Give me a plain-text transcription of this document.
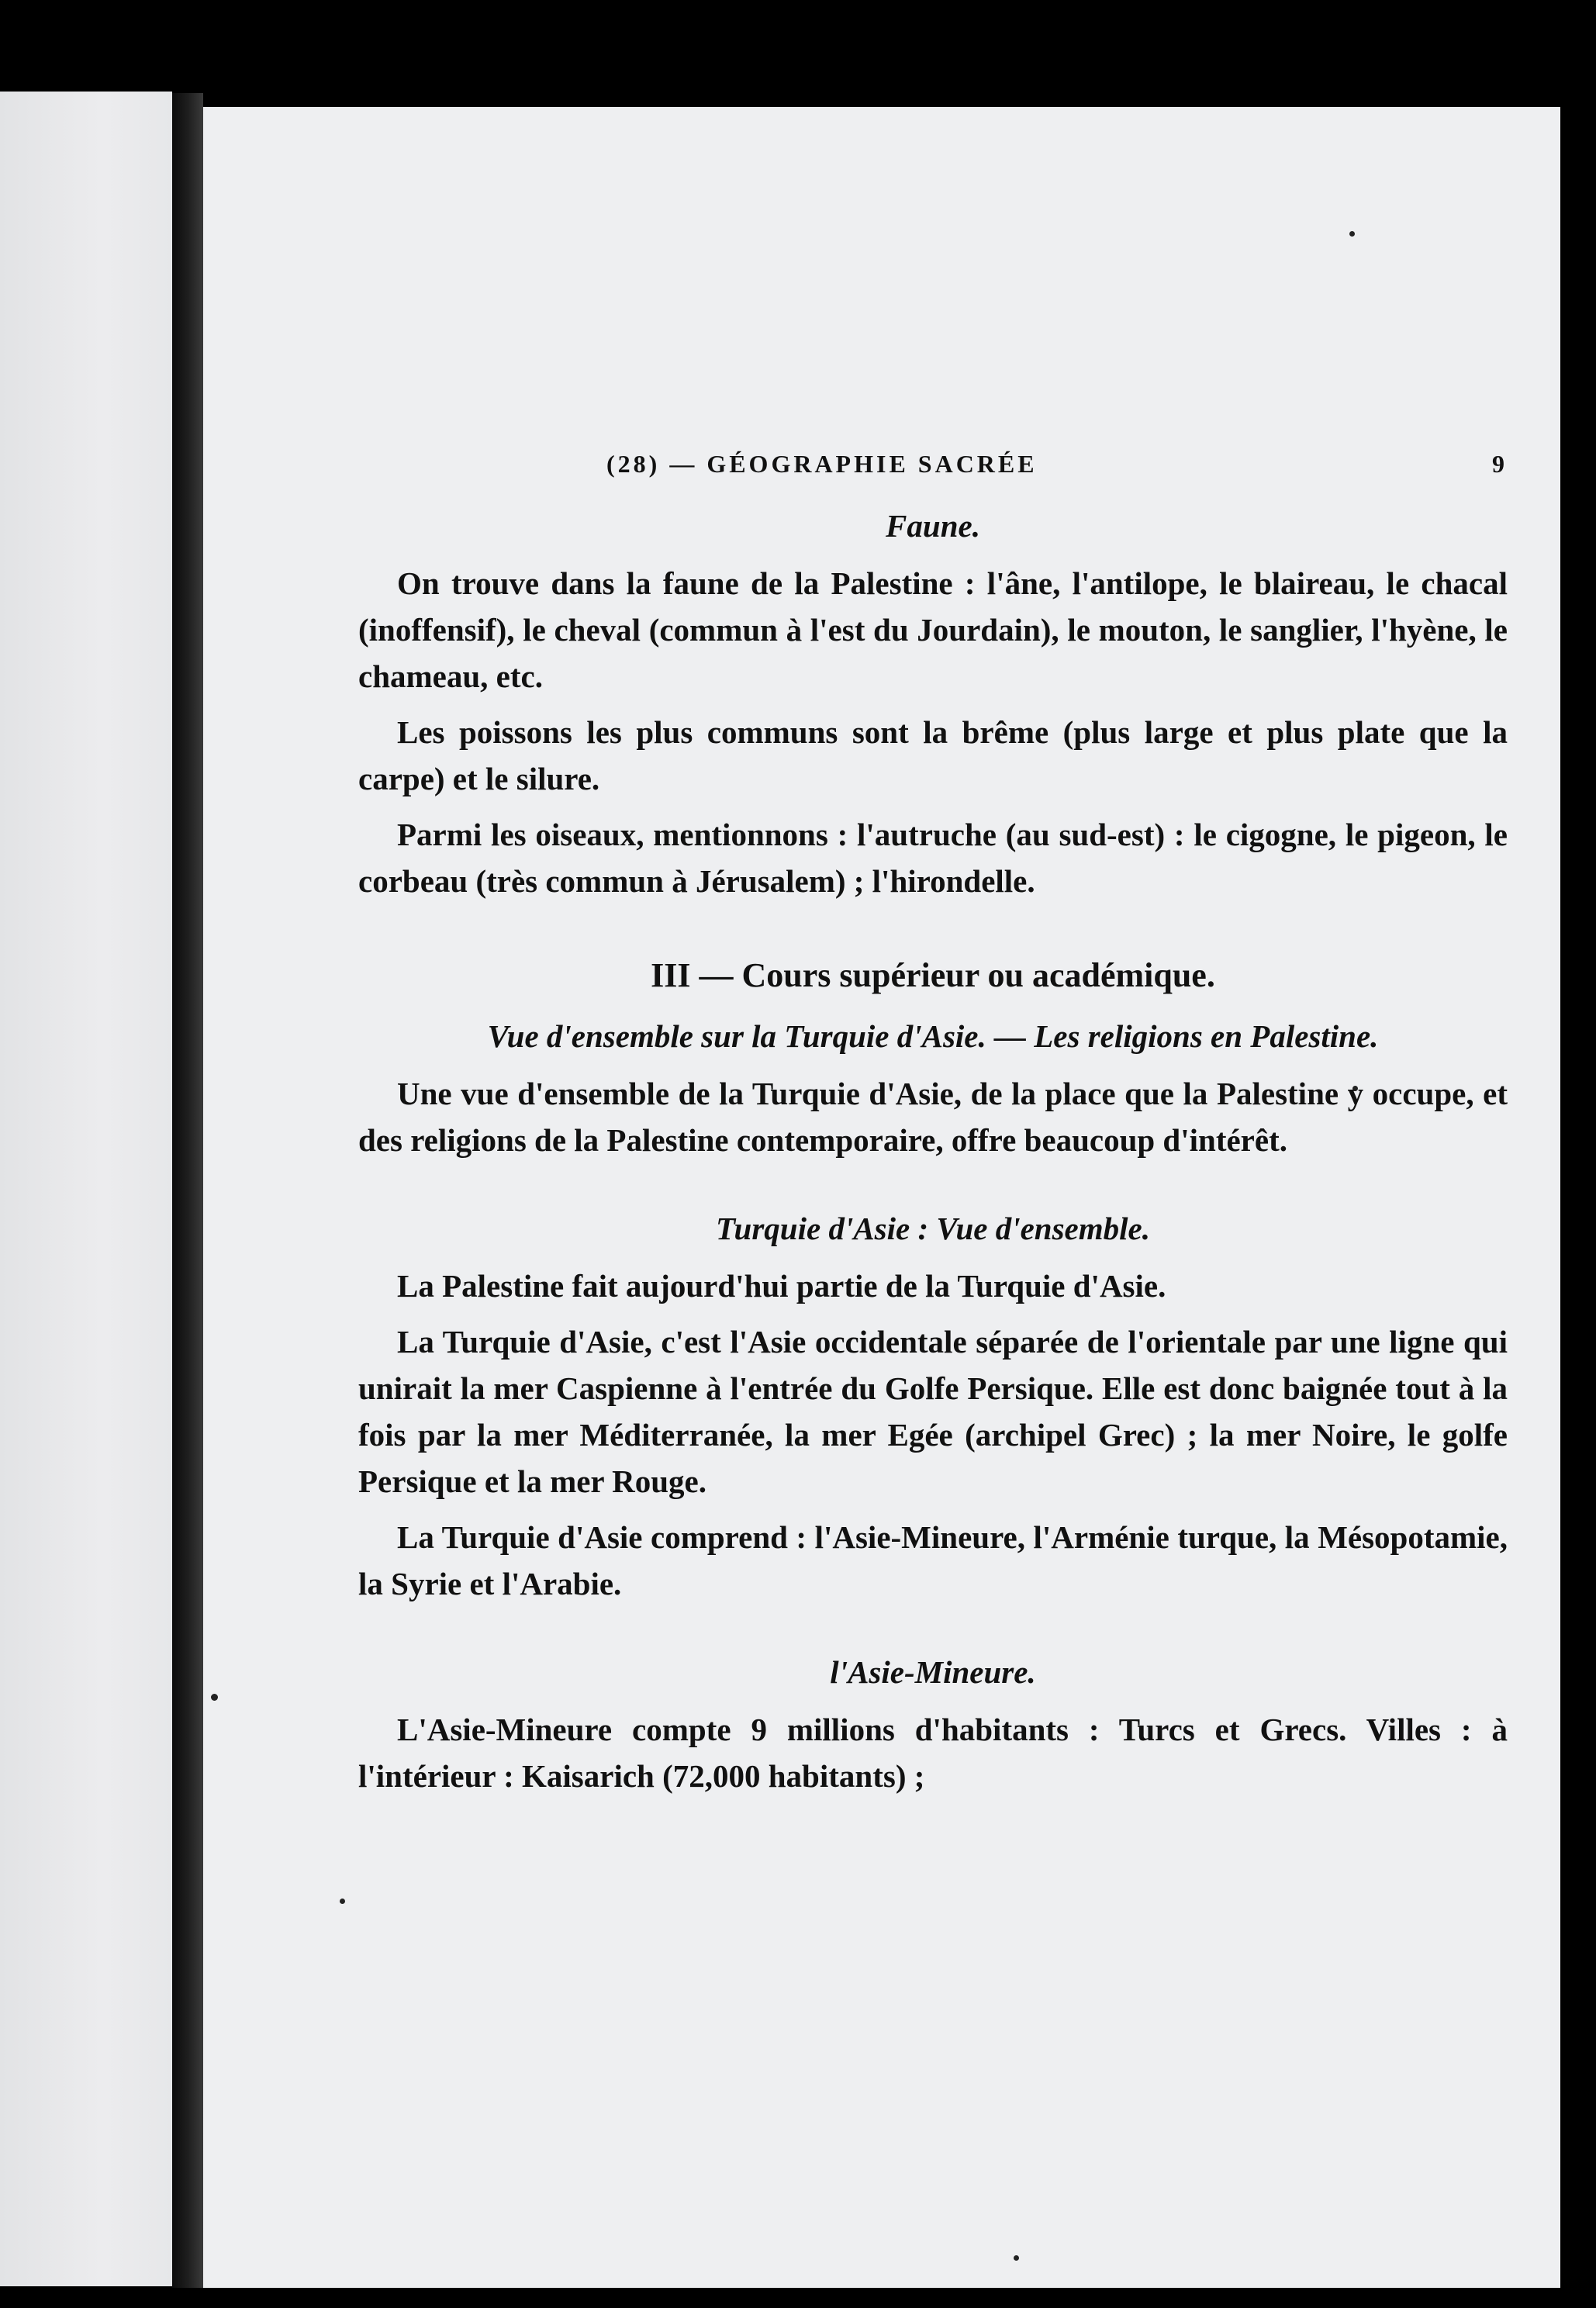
(28) — GÉOGRAPHIE SACRÉE	9
Faune.
On trouve dans la faune de la Palestine : l'âne, l'antilope, le blaireau, le chacal (inoffensif), le cheval (commun à l'est du Jourdain), le mouton, le sanglier, l'hyène, le chameau, etc.
Les poissons les plus communs sont la brême (plus large et plus plate que la carpe) et le silure.
Parmi les oiseaux, mentionnons : l'autruche (au sud-est) : le cigogne, le pigeon, le corbeau (très commun à Jérusalem) ; l'hirondelle.
III — Cours supérieur ou académique.
Vue d'ensemble sur la Turquie d'Asie. — Les religions en Palestine.
Une vue d'ensemble de la Turquie d'Asie, de la place que la Palestine y occupe, et des religions de la Palestine contemporaire, offre beaucoup d'intérêt.
Turquie d'Asie : Vue d'ensemble.
La Palestine fait aujourd'hui partie de la Turquie d'Asie.
La Turquie d'Asie, c'est l'Asie occidentale séparée de l'orientale par une ligne qui unirait la mer Caspienne à l'entrée du Golfe Persique. Elle est donc baignée tout à la fois par la mer Méditerranée, la mer Egée (archipel Grec) ; la mer Noire, le golfe Persique et la mer Rouge.
La Turquie d'Asie comprend : l'Asie-Mineure, l'Arménie turque, la Mésopotamie, la Syrie et l'Arabie.
l'Asie-Mineure.
L'Asie-Mineure compte 9 millions d'habitants : Turcs et Grecs. Villes : à l'intérieur : Kaisarich (72,000 habitants) ;
